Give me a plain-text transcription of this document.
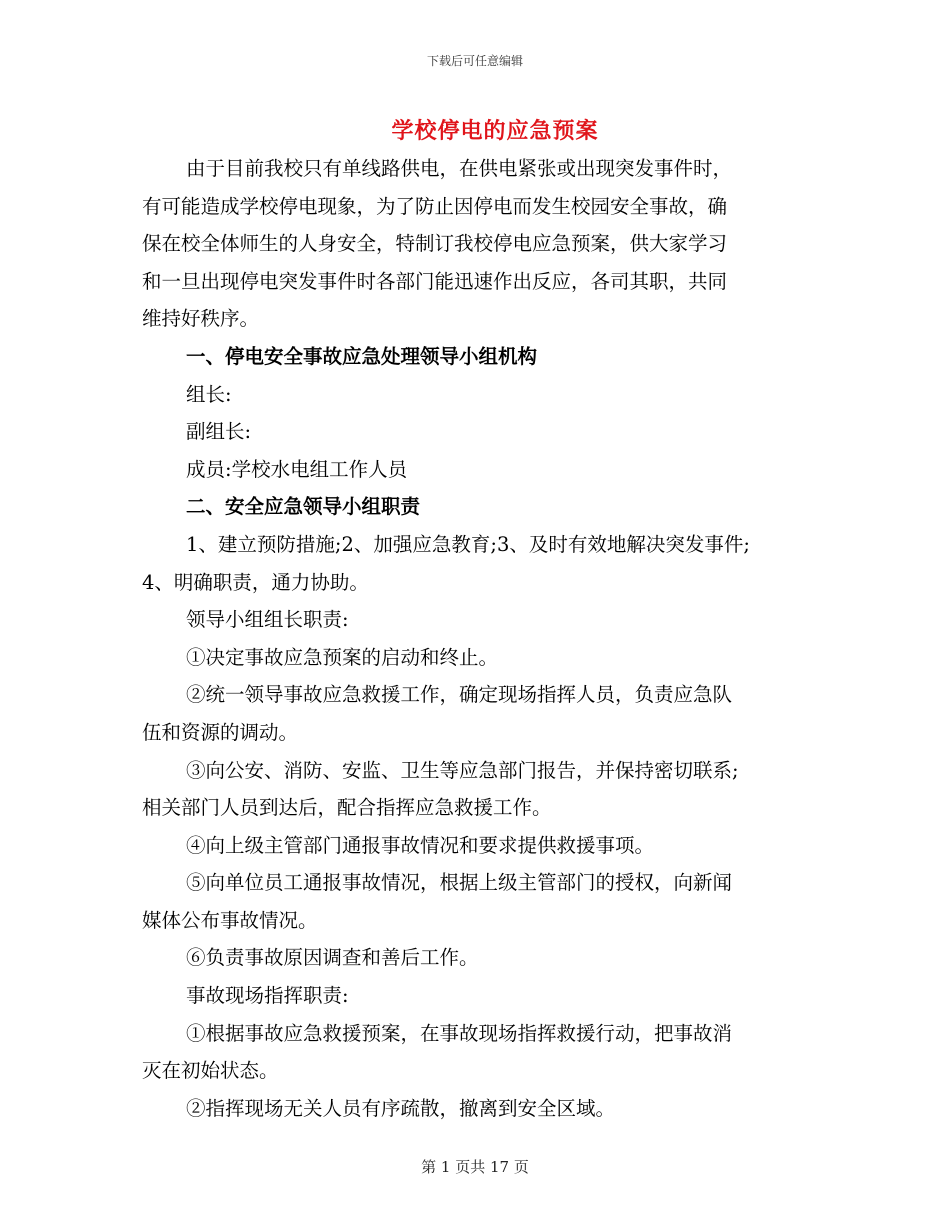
下载后可任意编辑
学校停电的应急预案
由于目前我校只有单线路供电，在供电紧张或出现突发事件时，
有可能造成学校停电现象，为了防止因停电而发生校园安全事故，确
保在校全体师生的人身安全，特制订我校停电应急预案，供大家学习
和一旦出现停电突发事件时各部门能迅速作出反应，各司其职，共同
维持好秩序。
一、停电安全事故应急处理领导小组机构
组长:
副组长:
成员:学校水电组工作人员
二、安全应急领导小组职责
1、建立预防措施;2、加强应急教育;3、及时有效地解决突发事件;
4、明确职责，通力协助。
领导小组组长职责:
①决定事故应急预案的启动和终止。
②统一领导事故应急救援工作，确定现场指挥人员，负责应急队
伍和资源的调动。
③向公安、消防、安监、卫生等应急部门报告，并保持密切联系;
相关部门人员到达后，配合指挥应急救援工作。
④向上级主管部门通报事故情况和要求提供救援事项。
⑤向单位员工通报事故情况，根据上级主管部门的授权，向新闻
媒体公布事故情况。
⑥负责事故原因调查和善后工作。
事故现场指挥职责:
①根据事故应急救援预案，在事故现场指挥救援行动，把事故消
灭在初始状态。
②指挥现场无关人员有序疏散，撤离到安全区域。
第 1 页共 17 页
